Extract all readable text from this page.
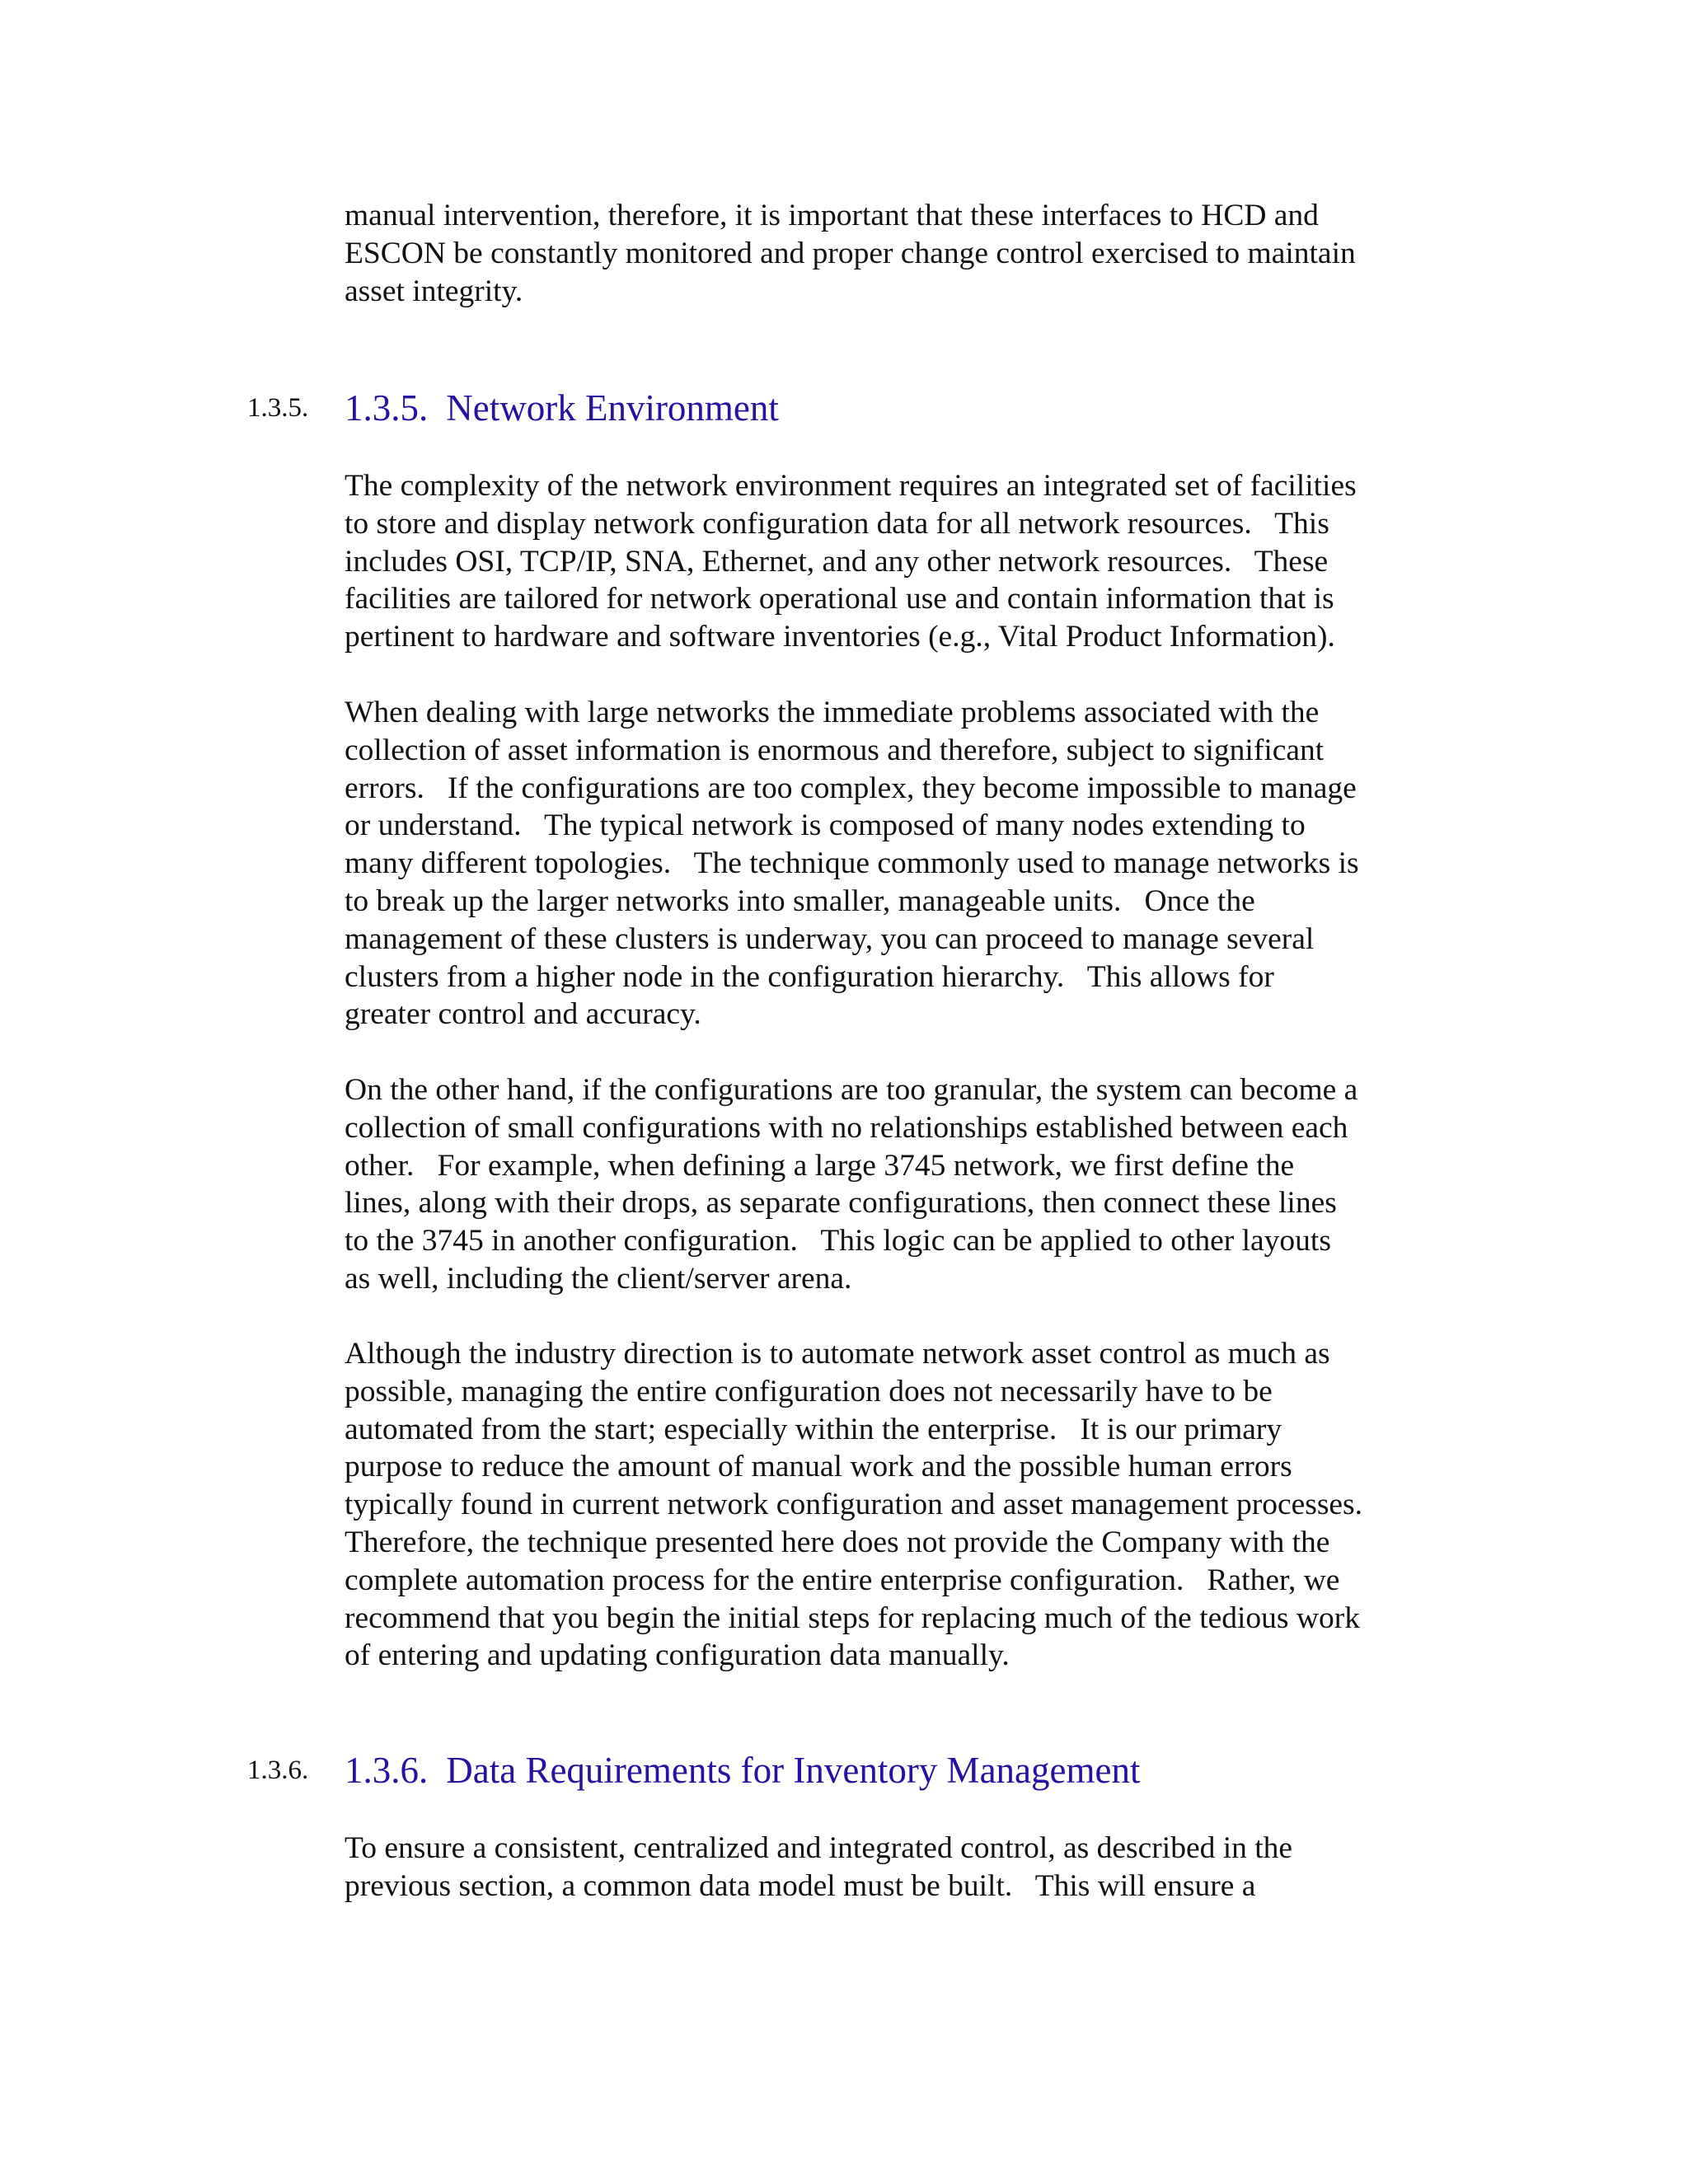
manual intervention, therefore, it is important that these interfaces to HCD and
ESCON be constantly monitored and proper change control exercised to maintain
asset integrity.

1.3.5. 1.3.5. Network Environment

The complexity of the network environment requires an integrated set of facilities
to store and display network configuration data for all network resources.   This
includes OSI, TCP/IP, SNA, Ethernet, and any other network resources.   These
facilities are tailored for network operational use and contain information that is
pertinent to hardware and software inventories (e.g., Vital Product Information).

When dealing with large networks the immediate problems associated with the
collection of asset information is enormous and therefore, subject to significant
errors.   If the configurations are too complex, they become impossible to manage
or understand.   The typical network is composed of many nodes extending to
many different topologies.   The technique commonly used to manage networks is
to break up the larger networks into smaller, manageable units.   Once the
management of these clusters is underway, you can proceed to manage several
clusters from a higher node in the configuration hierarchy.   This allows for
greater control and accuracy.

On the other hand, if the configurations are too granular, the system can become a
collection of small configurations with no relationships established between each
other.   For example, when defining a large 3745 network, we first define the
lines, along with their drops, as separate configurations, then connect these lines
to the 3745 in another configuration.   This logic can be applied to other layouts
as well, including the client/server arena.

Although the industry direction is to automate network asset control as much as
possible, managing the entire configuration does not necessarily have to be
automated from the start; especially within the enterprise.   It is our primary
purpose to reduce the amount of manual work and the possible human errors
typically found in current network configuration and asset management processes.
Therefore, the technique presented here does not provide the Company with the
complete automation process for the entire enterprise configuration.   Rather, we
recommend that you begin the initial steps for replacing much of the tedious work
of entering and updating configuration data manually.

1.3.6. 1.3.6. Data Requirements for Inventory Management

To ensure a consistent, centralized and integrated control, as described in the
previous section, a common data model must be built.   This will ensure a
